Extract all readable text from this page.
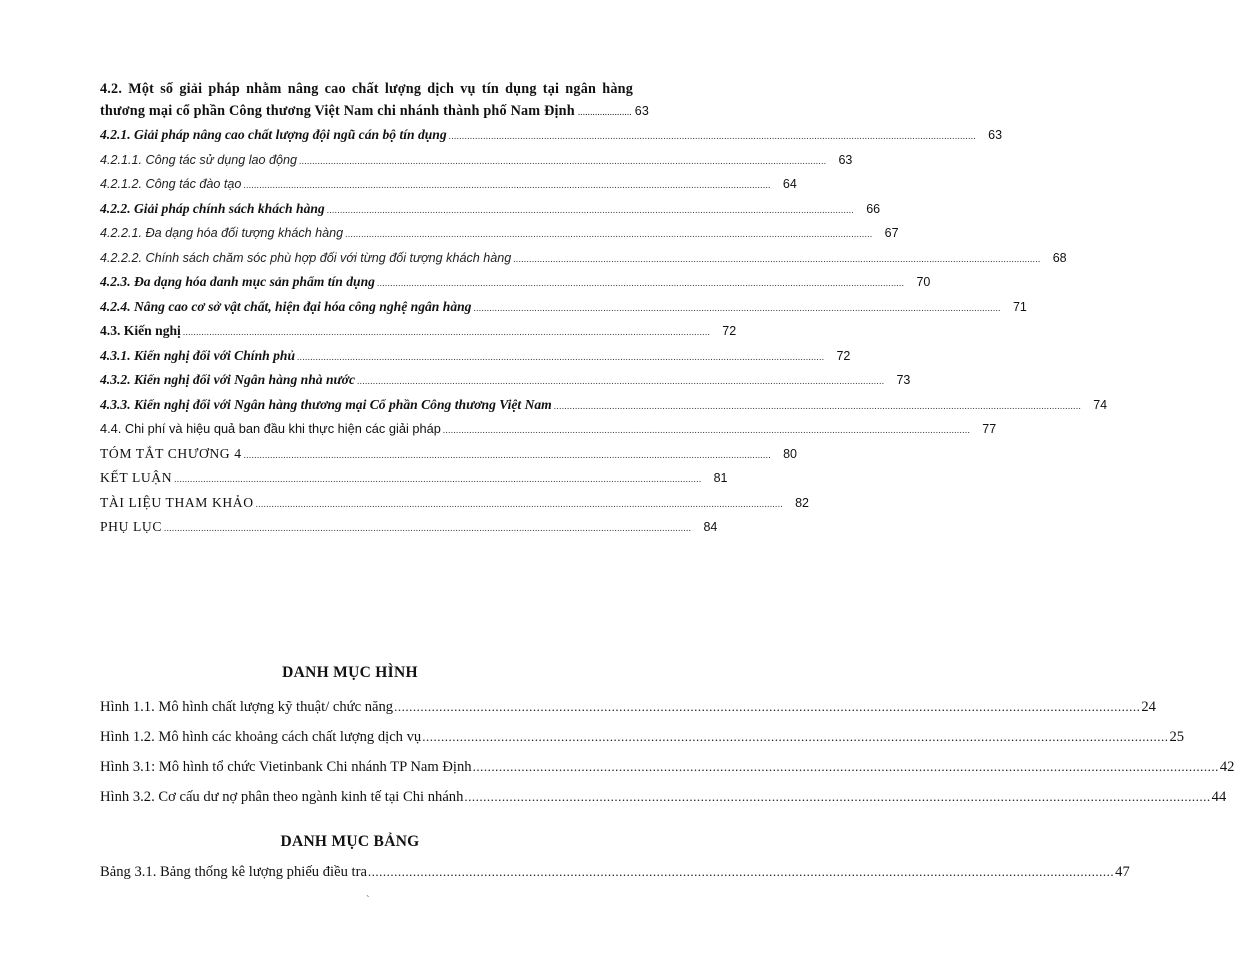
4.2. Một số giải pháp nhằm nâng cao chất lượng dịch vụ tín dụng tại ngân hàng
thương mại cổ phần Công thương Việt Nam chi nhánh thành phố Nam Định ...................... 63
4.2.1. Giải pháp nâng cao chất lượng đội ngũ cán bộ tín dụng ....................................................................................................................................................................................................... 63
4.2.1.1. Công tác sử dụng lao động ....................................................................................................................................................................................................... 63
4.2.1.2. Công tác đào tạo ....................................................................................................................................................................................................... 64
4.2.2. Giải pháp chính sách khách hàng ....................................................................................................................................................................................................... 66
4.2.2.1. Đa dạng hóa đối tượng khách hàng ....................................................................................................................................................................................................... 67
4.2.2.2. Chính sách chăm sóc phù hợp đối với từng đối tượng khách hàng ....................................................................................................................................................................................................... 68
4.2.3. Đa dạng hóa danh mục sản phẩm tín dụng ....................................................................................................................................................................................................... 70
4.2.4. Nâng cao cơ sở vật chất, hiện đại hóa công nghệ ngân hàng ....................................................................................................................................................................................................... 71
4.3. Kiến nghị ....................................................................................................................................................................................................... 72
4.3.1. Kiến nghị đối với Chính phủ ....................................................................................................................................................................................................... 72
4.3.2. Kiến nghị đối với Ngân hàng nhà nước ....................................................................................................................................................................................................... 73
4.3.3. Kiến nghị đối với Ngân hàng thương mại Cổ phần Công thương Việt Nam ....................................................................................................................................................................................................... 74
4.4. Chi phí và hiệu quả ban đầu khi thực hiện các giải pháp ....................................................................................................................................................................................................... 77
TÓM TẮT CHƯƠNG 4 ....................................................................................................................................................................................................... 80
KẾT LUẬN ....................................................................................................................................................................................................... 81
TÀI LIỆU THAM KHẢO ....................................................................................................................................................................................................... 82
PHỤ LỤC ....................................................................................................................................................................................................... 84
DANH MỤC HÌNH
Hình 1.1. Mô hình chất lượng kỹ thuật/ chức năng ....................................................................................................................................................................................................... 24
Hình 1.2. Mô hình các khoảng cách chất lượng dịch vụ ....................................................................................................................................................................................................... 25
Hình 3.1: Mô hình tổ chức Vietinbank Chi nhánh TP Nam Định ....................................................................................................................................................................................................... 42
Hình 3.2. Cơ cấu dư nợ phân theo ngành kinh tế tại Chi nhánh ....................................................................................................................................................................................................... 44
DANH MỤC BẢNG
Bảng 3.1. Bảng thống kê lượng phiếu điều tra ....................................................................................................................................................................................................... 47
`
